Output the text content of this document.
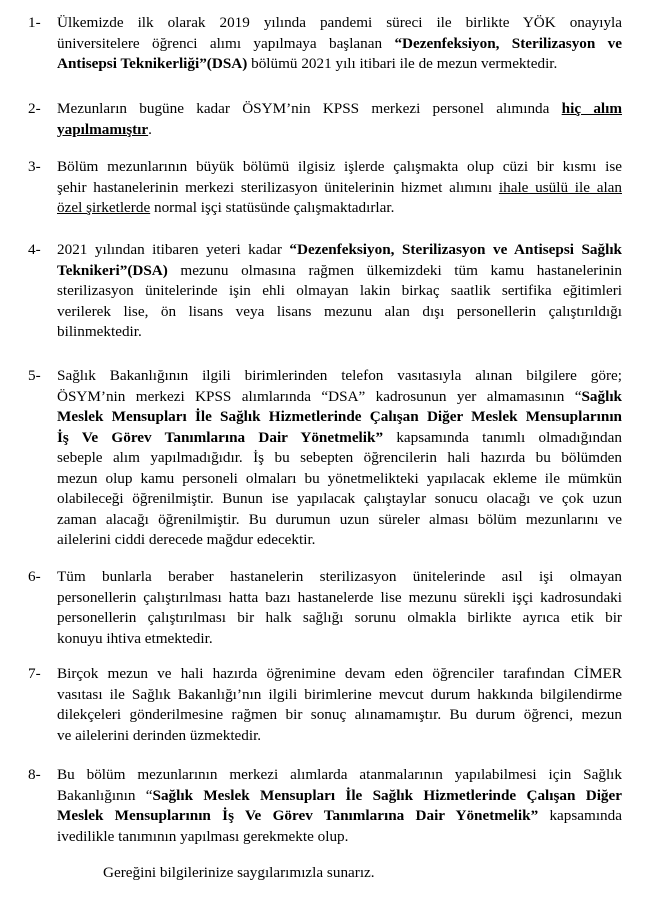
1- Ülkemizde ilk olarak 2019 yılında pandemi süreci ile birlikte YÖK onayıyla
üniversitelere öğrenci alımı yapılmaya başlanan “Dezenfeksiyon, Sterilizasyon ve
Antisepsi Teknikerliği”(DSA) bölümü 2021 yılı itibari ile de mezun vermektedir.
2- Mezunların bugüne kadar ÖSYM’nin KPSS merkezi personel alımında hiç alım
yapılmamıştır.
3- Bölüm mezunlarının büyük bölümü ilgisiz işlerde çalışmakta olup cüzi bir kısmı ise
şehir hastanelerinin merkezi sterilizasyon ünitelerinin hizmet alımını ihale usülü ile alan
özel şirketlerde normal işçi statüsünde çalışmaktadırlar.
4- 2021 yılından itibaren yeteri kadar “Dezenfeksiyon, Sterilizasyon ve Antisepsi Sağlık
Teknikeri”(DSA) mezunu olmasına rağmen ülkemizdeki tüm kamu hastanelerinin
sterilizasyon ünitelerinde işin ehli olmayan lakin birkaç saatlik sertifika eğitimleri
verilerek lise, ön lisans veya lisans mezunu alan dışı personellerin çalıştırıldığı
bilinmektedir.
5- Sağlık Bakanlığının ilgili birimlerinden telefon vasıtasıyla alınan bilgilere göre;
ÖSYM’nin merkezi KPSS alımlarında “DSA” kadrosunun yer almamasının “Sağlık
Meslek Mensupları İle Sağlık Hizmetlerinde Çalışan Diğer Meslek Mensuplarının
İş Ve Görev Tanımlarına Dair Yönetmelik” kapsamında tanımlı olmadığından
sebeple alım yapılmadığıdır. İş bu sebepten öğrencilerin hali hazırda bu bölümden
mezun olup kamu personeli olmaları bu yönetmelikteki yapılacak ekleme ile mümkün
olabileceği öğrenilmiştir. Bunun ise yapılacak çalıştaylar sonucu olacağı ve çok uzun
zaman alacağı öğrenilmiştir. Bu durumun uzun süreler alması bölüm mezunlarını ve
ailelerini ciddi derecede mağdur edecektir.
6- Tüm bunlarla beraber hastanelerin sterilizasyon ünitelerinde asıl işi olmayan
personellerin çalıştırılması hatta bazı hastanelerde lise mezunu sürekli işçi kadrosundaki
personellerin çalıştırılması bir halk sağlığı sorunu olmakla birlikte ayrıca etik bir
konuyu ihtiva etmektedir.
7- Birçok mezun ve hali hazırda öğrenimine devam eden öğrenciler tarafından CİMER
vasıtası ile Sağlık Bakanlığı’nın ilgili birimlerine mevcut durum hakkında bilgilendirme
dilekçeleri gönderilmesine rağmen bir sonuç alınamamıştır. Bu durum öğrenci, mezun
ve ailelerini derinden üzmektedir.
8- Bu bölüm mezunlarının merkezi alımlarda atanmalarının yapılabilmesi için Sağlık
Bakanlığının “Sağlık Meslek Mensupları İle Sağlık Hizmetlerinde Çalışan Diğer
Meslek Mensuplarının İş Ve Görev Tanımlarına Dair Yönetmelik” kapsamında
ivedilikle tanımının yapılması gerekmekte olup.
Gereğini bilgilerinize saygılarımızla sunarız.
